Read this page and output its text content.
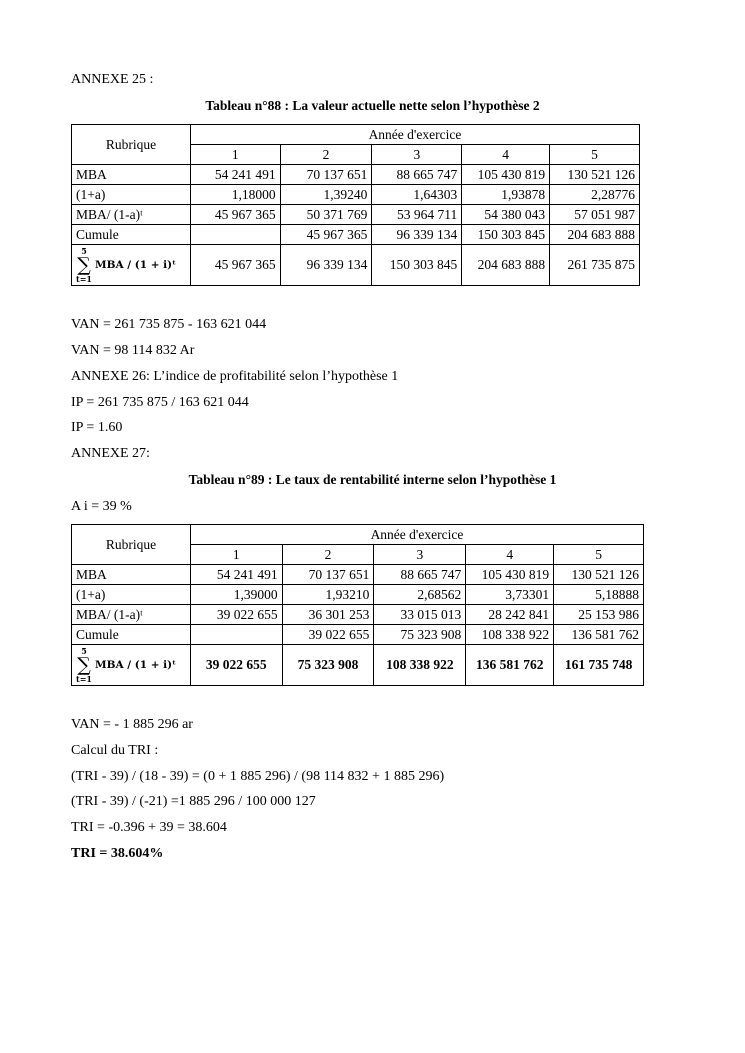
ANNEXE 25 :
Tableau n°88 : La valeur actuelle nette selon l’hypothèse 2
Rubrique	Année d'exercice				
	1	2	3	4	5
MBA	54 241 491	70 137 651	88 665 747	105 430 819	130 521 126
(1+a)	1,18000	1,39240	1,64303	1,93878	2,28776
MBA/ (1-a)ᵗ	45 967 365	50 371 769	53 964 711	54 380 043	57 051 987
Cumule		45 967 365	96 339 134	150 303 845	204 683 888

5
∑
t=1
MBA / (1 + i)ᵗ	45 967 365	96 339 134	150 303 845	204 683 888	261 735 875
VAN = 261 735 875 - 163 621 044
VAN = 98 114 832 Ar
ANNEXE 26: L’indice de profitabilité selon l’hypothèse 1
IP = 261 735 875 / 163 621 044
IP = 1.60
ANNEXE 27:
Tableau n°89 : Le taux de rentabilité interne selon l’hypothèse 1
A i = 39 %
Rubrique	Année d'exercice				
	1	2	3	4	5
MBA	54 241 491	70 137 651	88 665 747	105 430 819	130 521 126
(1+a)	1,39000	1,93210	2,68562	3,73301	5,18888
MBA/ (1-a)ᵗ	39 022 655	36 301 253	33 015 013	28 242 841	25 153 986
Cumule		39 022 655	75 323 908	108 338 922	136 581 762

5
∑
t=1
MBA / (1 + i)ᵗ	39 022 655	75 323 908	108 338 922	136 581 762	161 735 748
VAN = - 1 885 296 ar
Calcul du TRI :
(TRI - 39) / (18 - 39) = (0 + 1 885 296) / (98 114 832 + 1 885 296)
(TRI - 39) / (-21) =1 885 296 / 100 000 127
TRI = -0.396 + 39 = 38.604
TRI = 38.604%
